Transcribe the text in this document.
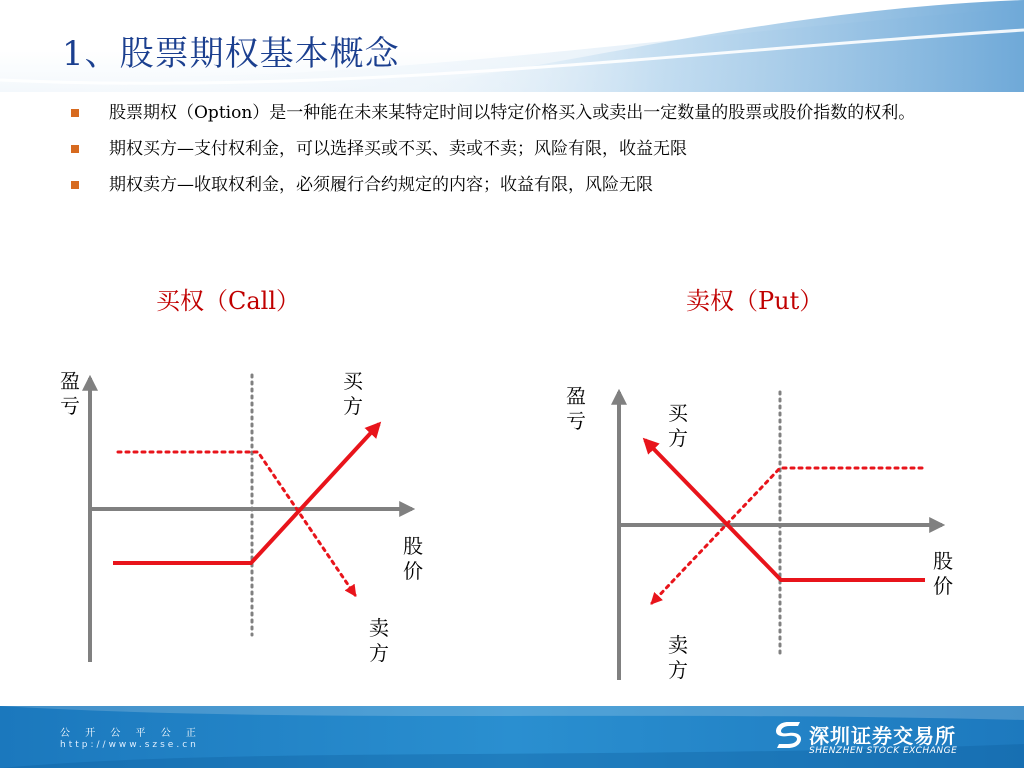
1、股票期权基本概念
股票期权（Option）是一种能在未来某特定时间以特定价格买入或卖出一定数量的股票或股价指数的权利。
期权买方—支付权利金，可以选择买或不买、卖或不卖；风险有限，收益无限
期权卖方—收取权利金，必须履行合约规定的内容；收益有限，风险无限
买权（Call）	卖权（Put）
盈
亏
买
方
股
价
卖
方
盈
亏	买
方
股
价
卖
方
公 开 公 平 公 正
http://www.szse.cn	深圳证券交易所
SHENZHEN STOCK EXCHANGE
